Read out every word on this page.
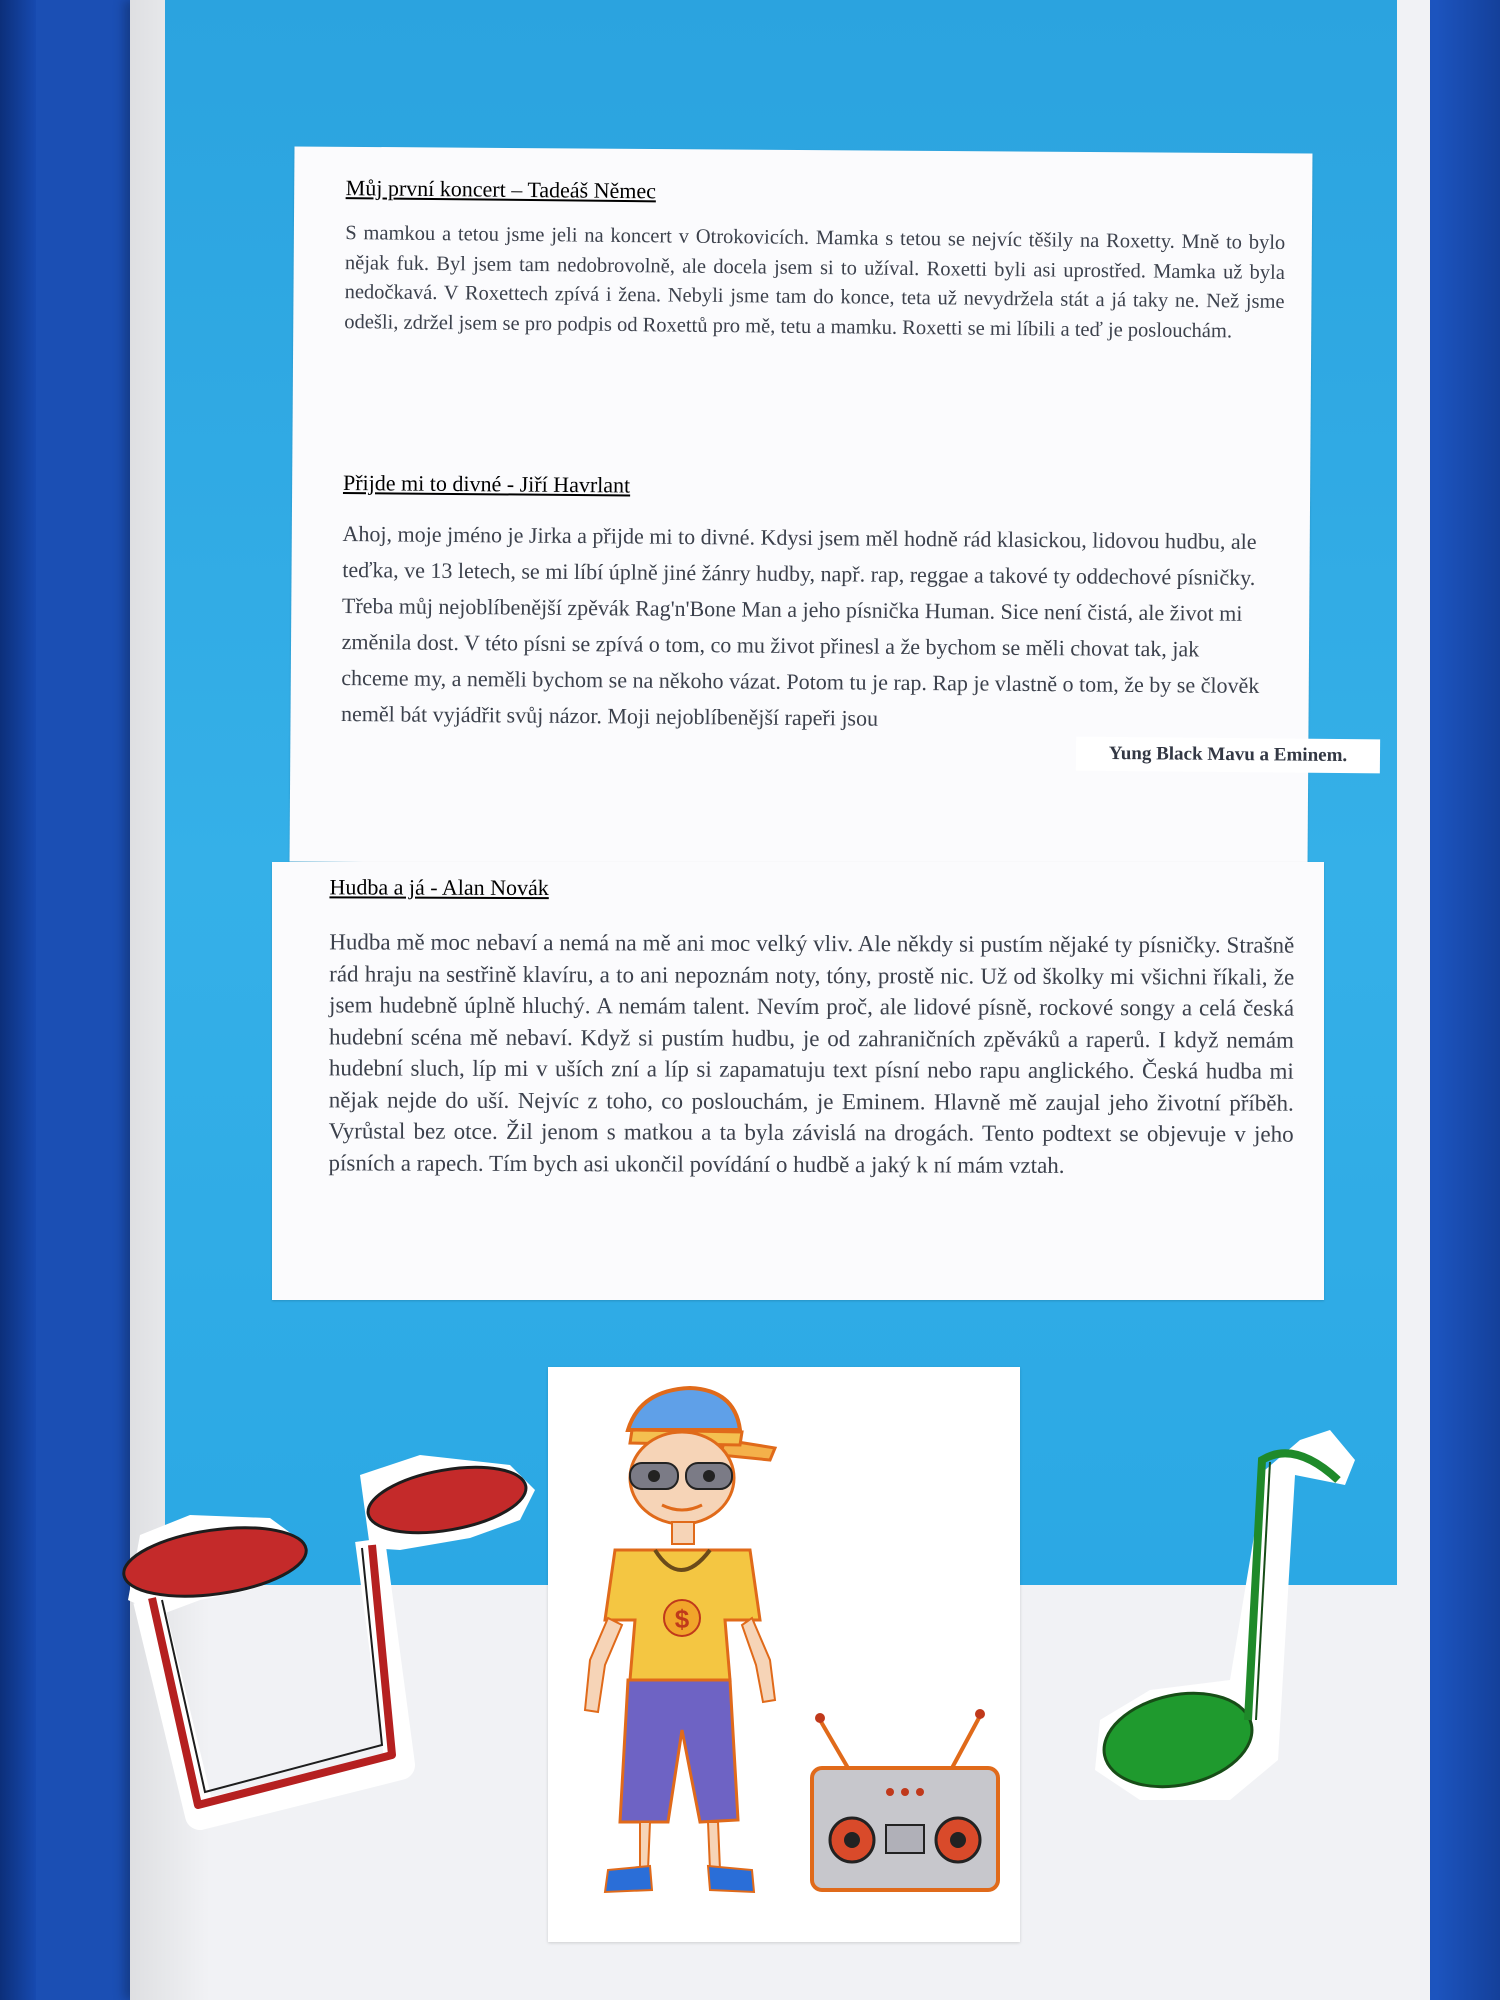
Můj první koncert – Tadeáš Němec

S mamkou a tetou jsme jeli na koncert v Otrokovicích. Mamka s tetou se nejvíc těšily na Roxetty. Mně to bylo nějak fuk. Byl jsem tam nedobrovolně, ale docela jsem si to užíval. Roxetti byli asi uprostřed. Mamka už byla nedočkavá. V Roxettech zpívá i žena. Nebyli jsme tam do konce, teta už nevydržela stát a já taky ne. Než jsme odešli, zdržel jsem se pro podpis od Roxettů pro mě, tetu a mamku. Roxetti se mi líbili a teď je poslouchám.

Přijde mi to divné - Jiří Havrlant

Ahoj, moje jméno je Jirka a přijde mi to divné. Kdysi jsem měl hodně rád klasickou, lidovou hudbu, ale teďka, ve 13 letech, se mi líbí úplně jiné žánry hudby, např. rap, reggae a takové ty oddechové písničky. Třeba můj nejoblíbenější zpěvák Rag'n'Bone Man a jeho písnička Human. Sice není čistá, ale život mi změnila dost. V této písni se zpívá o tom, co mu život přinesl a že bychom se měli chovat tak, jak chceme my, a neměli bychom se na někoho vázat. Potom tu je rap. Rap je vlastně o tom, že by se člověk neměl bát vyjádřit svůj názor. Moji nejoblíbenější rapeři jsou

Yung Black Mavu a Eminem.

Hudba a já - Alan Novák

Hudba mě moc nebaví a nemá na mě ani moc velký vliv. Ale někdy si pustím nějaké ty písničky. Strašně rád hraju na sestřině klavíru, a to ani nepoznám noty, tóny, prostě nic. Už od školky mi všichni říkali, že jsem hudebně úplně hluchý. A nemám talent. Nevím proč, ale lidové písně, rockové songy a celá česká hudební scéna mě nebaví. Když si pustím hudbu, je od zahraničních zpěváků a raperů. I když nemám hudební sluch, líp mi v uších zní a líp si zapamatuju text písní nebo rapu anglického. Česká hudba mi nějak nejde do uší. Nejvíc z toho, co poslouchám, je Eminem. Hlavně mě zaujal jeho životní příběh. Vyrůstal bez otce. Žil jenom s matkou a ta byla závislá na drogách. Tento podtext se objevuje v jeho písních a rapech. Tím bych asi ukončil povídání o hudbě a jaký k ní mám vztah.

$
